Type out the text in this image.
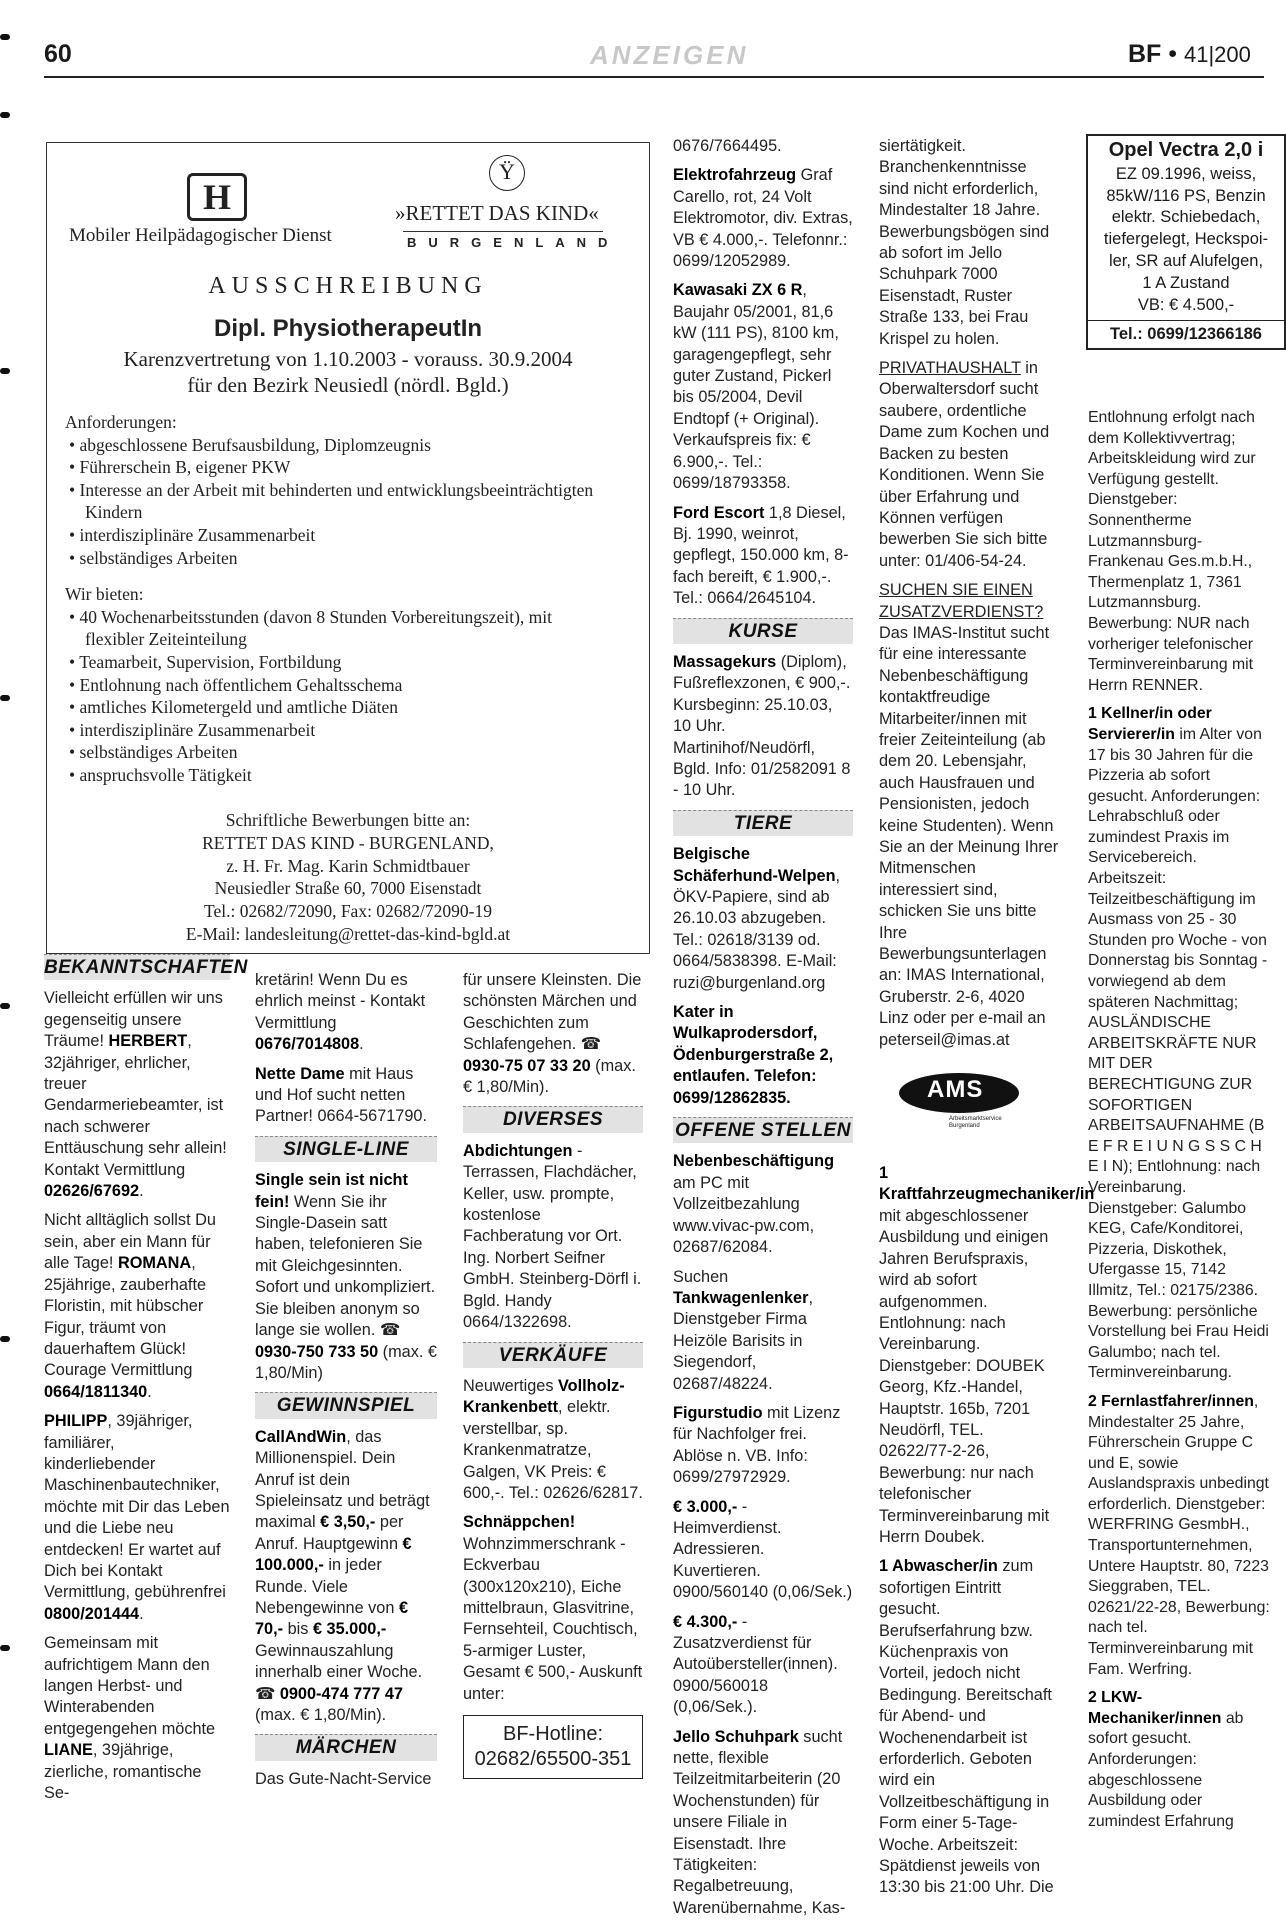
60	ANZEIGEN	BF • 41|200
H
Mobiler Heilpädagogischer Dienst
Ÿ
»RETTET DAS KIND«
BURGENLAND
AUSSCHREIBUNG
Dipl. PhysiotherapeutIn
Karenzvertretung von 1.10.2003 - vorauss. 30.9.2004
für den Bezirk Neusiedl (nördl. Bgld.)
Anforderungen:
• abgeschlossene Berufsausbildung, Diplomzeugnis
• Führerschein B, eigener PKW
• Interesse an der Arbeit mit behinderten und entwicklungsbeeinträchtigten Kindern
• interdisziplinäre Zusammenarbeit
• selbständiges Arbeiten
Wir bieten:
• 40 Wochenarbeitsstunden (davon 8 Stunden Vorbereitungszeit), mit flexibler Zeiteinteilung
• Teamarbeit, Supervision, Fortbildung
• Entlohnung nach öffentlichem Gehaltsschema
• amtliches Kilometergeld und amtliche Diäten
• interdisziplinäre Zusammenarbeit
• selbständiges Arbeiten
• anspruchsvolle Tätigkeit
Schriftliche Bewerbungen bitte an:
RETTET DAS KIND - BURGENLAND,
z. H. Fr. Mag. Karin Schmidtbauer
Neusiedler Straße 60, 7000 Eisenstadt
Tel.: 02682/72090, Fax: 02682/72090-19
E-Mail: landesleitung@rettet-das-kind-bgld.at
BEKANNTSCHAFTEN

Vielleicht erfüllen wir uns gegenseitig unsere Träume! HERBERT, 32jähriger, ehrlicher, treuer Gendarmeriebeamter, ist nach schwerer Enttäuschung sehr allein! Kontakt Vermittlung 02626/67692.

Nicht alltäglich sollst Du sein, aber ein Mann für alle Tage! ROMANA, 25jährige, zauberhafte Floristin, mit hübscher Figur, träumt von dauerhaftem Glück! Courage Vermittlung 0664/1811340.

PHILIPP, 39jähriger, familiärer, kinderliebender Maschinenbautechniker, möchte mit Dir das Leben und die Liebe neu entdecken! Er wartet auf Dich bei Kontakt Vermittlung, gebührenfrei 0800/201444.

Gemeinsam mit aufrichtigem Mann den langen Herbst- und Winterabenden entgegengehen möchte LIANE, 39jährige, zierliche, romantische Se-

kretärin! Wenn Du es ehrlich meinst - Kontakt Vermittlung 0676/7014808.

Nette Dame mit Haus und Hof sucht netten Partner! 0664-5671790.

SINGLE-LINE

Single sein ist nicht fein! Wenn Sie ihr Single-Dasein satt haben, telefonieren Sie mit Gleichgesinnten. Sofort und unkompliziert. Sie bleiben anonym so lange sie wollen. ☎ 0930-750 733 50 (max. € 1,80/Min)

GEWINNSPIEL

CallAndWin, das Millionenspiel. Dein Anruf ist dein Spieleinsatz und beträgt maximal € 3,50,- per Anruf. Hauptgewinn € 100.000,- in jeder Runde. Viele Nebengewinne von € 70,- bis € 35.000,- Gewinnauszahlung innerhalb einer Woche. ☎ 0900-474 777 47 (max. € 1,80/Min).

MÄRCHEN

Das Gute-Nacht-Service

für unsere Kleinsten. Die schönsten Märchen und Geschichten zum Schlafengehen. ☎ 0930-75 07 33 20 (max. € 1,80/Min).

DIVERSES

Abdichtungen - Terrassen, Flachdächer, Keller, usw. prompte, kostenlose Fachberatung vor Ort. Ing. Norbert Seifner GmbH. Steinberg-Dörfl i. Bgld. Handy 0664/1322698.

VERKÄUFE

Neuwertiges Vollholz-Krankenbett, elektr. verstellbar, sp. Krankenmatratze, Galgen, VK Preis: € 600,-. Tel.: 02626/62817.

Schnäppchen! Wohnzimmerschrank - Eckverbau (300x120x210), Eiche mittelbraun, Glasvitrine, Fernsehteil, Couchtisch, 5-armiger Luster, Gesamt € 500,- Auskunft unter:

BF-Hotline:
02682/65500-351

0676/7664495.

Elektrofahrzeug Graf Carello, rot, 24 Volt Elektromotor, div. Extras, VB € 4.000,-. Telefonnr.: 0699/12052989.

Kawasaki ZX 6 R, Baujahr 05/2001, 81,6 kW (111 PS), 8100 km, garagengepflegt, sehr guter Zustand, Pickerl bis 05/2004, Devil Endtopf (+ Original). Verkaufspreis fix: € 6.900,-. Tel.: 0699/18793358.

Ford Escort 1,8 Diesel, Bj. 1990, weinrot, gepflegt, 150.000 km, 8-fach bereift, € 1.900,-. Tel.: 0664/2645104.

KURSE

Massagekurs (Diplom), Fußreflexzonen, € 900,-. Kursbeginn: 25.10.03, 10 Uhr. Martinihof/Neudörfl, Bgld. Info: 01/2582091 8 - 10 Uhr.

TIERE

Belgische Schäferhund-Welpen, ÖKV-Papiere, sind ab 26.10.03 abzugeben. Tel.: 02618/3139 od. 0664/5838398. E-Mail: ruzi@burgenland.org

Kater in Wulkaprodersdorf, Ödenburgerstraße 2, entlaufen. Telefon: 0699/12862835.

OFFENE STELLEN

Nebenbeschäftigung am PC mit Vollzeitbezahlung www.vivac-pw.com, 02687/62084.

Suchen Tankwagenlenker, Dienstgeber Firma Heizöle Barisits in Siegendorf, 02687/48224.

Figurstudio mit Lizenz für Nachfolger frei. Ablöse n. VB. Info: 0699/27972929.

€ 3.000,- - Heimverdienst. Adressieren. Kuvertieren. 0900/560140 (0,06/Sek.)

€ 4.300,- - Zusatzverdienst für Autoübersteller(innen). 0900/560018 (0,06/Sek.).

Jello Schuhpark sucht nette, flexible Teilzeitmitarbeiterin (20 Wochenstunden) für unsere Filiale in Eisenstadt. Ihre Tätigkeiten: Regalbetreuung, Warenübernahme, Kas-

siertätigkeit. Branchenkenntnisse sind nicht erforderlich, Mindestalter 18 Jahre. Bewerbungsbögen sind ab sofort im Jello Schuhpark 7000 Eisenstadt, Ruster Straße 133, bei Frau Krispel zu holen.

PRIVATHAUSHALT in Oberwaltersdorf sucht saubere, ordentliche Dame zum Kochen und Backen zu besten Konditionen. Wenn Sie über Erfahrung und Können verfügen bewerben Sie sich bitte unter: 01/406-54-24.

SUCHEN SIE EINEN ZUSATZVERDIENST? Das IMAS-Institut sucht für eine interessante Nebenbeschäftigung kontaktfreudige Mitarbeiter/innen mit freier Zeiteinteilung (ab dem 20. Lebensjahr, auch Hausfrauen und Pensionisten, jedoch keine Studenten). Wenn Sie an der Meinung Ihrer Mitmenschen interessiert sind, schicken Sie uns bitte Ihre Bewerbungsunterlagen an: IMAS International, Gruberstr. 2-6, 4020 Linz oder per e-mail an peterseil@imas.at

AMS
Arbeitsmarktservice Burgenland

1 Kraftfahrzeugmechaniker/in mit abgeschlossener Ausbildung und einigen Jahren Berufspraxis, wird ab sofort aufgenommen. Entlohnung: nach Vereinbarung. Dienstgeber: DOUBEK Georg, Kfz.-Handel, Hauptstr. 165b, 7201 Neudörfl, TEL. 02622/77-2-26, Bewerbung: nur nach telefonischer Terminvereinbarung mit Herrn Doubek.

1 Abwascher/in zum sofortigen Eintritt gesucht. Berufserfahrung bzw. Küchenpraxis von Vorteil, jedoch nicht Bedingung. Bereitschaft für Abend- und Wochenendarbeit ist erforderlich. Geboten wird ein Vollzeitbeschäftigung in Form einer 5-Tage-Woche. Arbeitszeit: Spätdienst jeweils von 13:30 bis 21:00 Uhr. Die

Opel Vectra 2,0 i
EZ 09.1996, weiss,
85kW/116 PS, Benzin
elektr. Schiebedach,
tiefergelegt, Heckspoi-
ler, SR auf Alufelgen,
1 A Zustand
VB: € 4.500,-
Tel.: 0699/12366186

Entlohnung erfolgt nach dem Kollektivvertrag; Arbeitskleidung wird zur Verfügung gestellt. Dienstgeber: Sonnentherme Lutzmannsburg-Frankenau Ges.m.b.H., Thermenplatz 1, 7361 Lutzmannsburg. Bewerbung: NUR nach vorheriger telefonischer Terminvereinbarung mit Herrn RENNER.

1 Kellner/in oder Servierer/in im Alter von 17 bis 30 Jahren für die Pizzeria ab sofort gesucht. Anforderungen: Lehrabschluß oder zumindest Praxis im Servicebereich. Arbeitszeit: Teilzeitbeschäftigung im Ausmass von 25 - 30 Stunden pro Woche - von Donnerstag bis Sonntag - vorwiegend ab dem späteren Nachmittag; AUSLÄNDISCHE ARBEITSKRÄFTE NUR MIT DER BERECHTIGUNG ZUR SOFORTIGEN ARBEITSAUFNAHME (B E F R E I U N G S S C H E I N); Entlohnung: nach Vereinbarung. Dienstgeber: Galumbo KEG, Cafe/Konditorei, Pizzeria, Diskothek, Ufergasse 15, 7142 Illmitz, Tel.: 02175/2386. Bewerbung: persönliche Vorstellung bei Frau Heidi Galumbo; nach tel. Terminvereinbarung.

2 Fernlastfahrer/innen, Mindestalter 25 Jahre, Führerschein Gruppe C und E, sowie Auslandspraxis unbedingt erforderlich. Dienstgeber: WERFRING GesmbH., Transportunternehmen, Untere Hauptstr. 80, 7223 Sieggraben, TEL. 02621/22-28, Bewerbung: nach tel. Terminvereinbarung mit Fam. Werfring.

2 LKW-Mechaniker/innen ab sofort gesucht. Anforderungen: abgeschlossene Ausbildung oder zumindest Erfahrung
